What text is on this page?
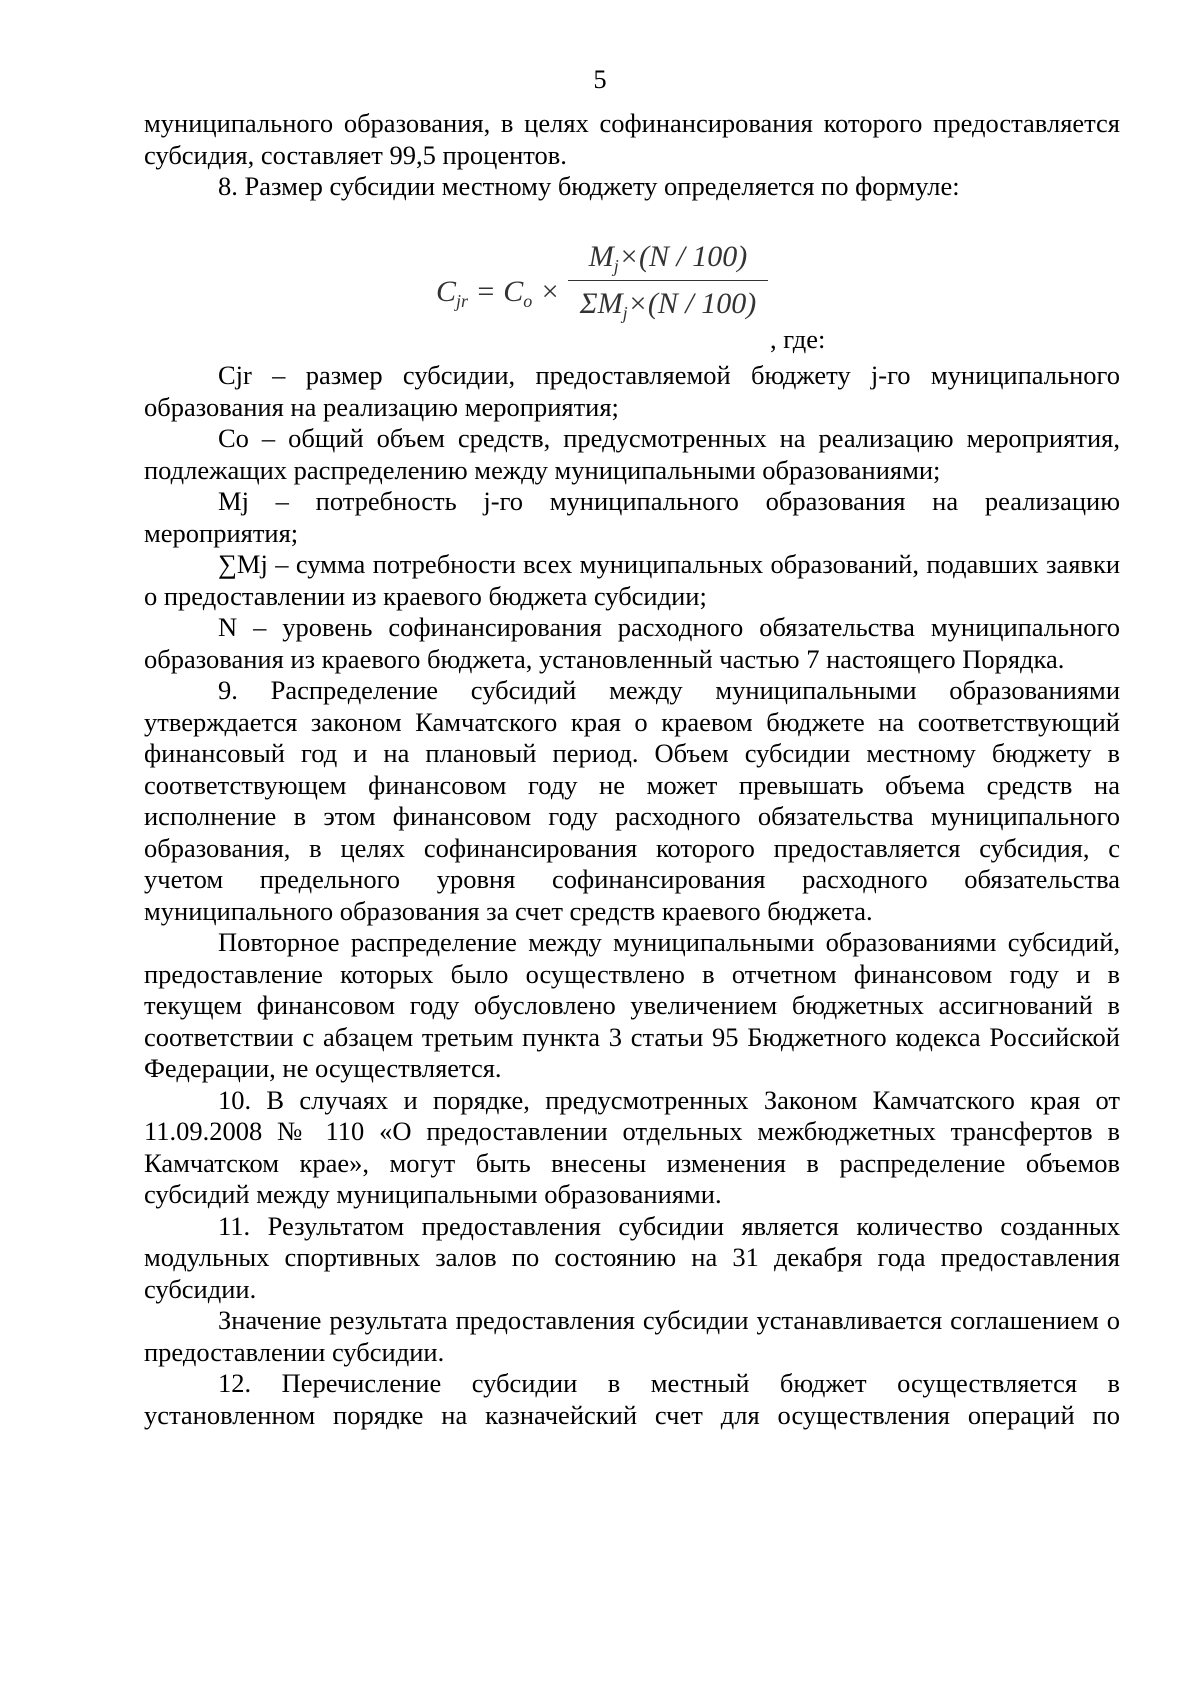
5

муниципального образования, в целях софинансирования которого предоставляется субсидия, составляет 99,5 процентов.

8. Размер субсидии местному бюджету определяется по формуле:

$C_{jr} = C_o$ ×
$M_j\times(N / 100)$
$\Sigma M_j\times(N / 100)$
, где:

Cjr – размер субсидии, предоставляемой бюджету j-го муниципального образования на реализацию мероприятия;

Co – общий объем средств, предусмотренных на реализацию мероприятия, подлежащих распределению между муниципальными образованиями;

Mj – потребность j-го муниципального образования на реализацию мероприятия;

∑Mj – сумма потребности всех муниципальных образований, подавших заявки о предоставлении из краевого бюджета субсидии;

N – уровень софинансирования расходного обязательства муниципального образования из краевого бюджета, установленный частью 7 настоящего Порядка.

9. Распределение субсидий между муниципальными образованиями утверждается законом Камчатского края о краевом бюджете на соответствующий финансовый год и на плановый период. Объем субсидии местному бюджету в соответствующем финансовом году не может превышать объема средств на исполнение в этом финансовом году расходного обязательства муниципального образования, в целях софинансирования которого предоставляется субсидия, с учетом предельного уровня софинансирования расходного обязательства муниципального образования за счет средств краевого бюджета.

Повторное распределение между муниципальными образованиями субсидий, предоставление которых было осуществлено в отчетном финансовом году и в текущем финансовом году обусловлено увеличением бюджетных ассигнований в соответствии с абзацем третьим пункта 3 статьи 95 Бюджетного кодекса Российской Федерации, не осуществляется.

10. В случаях и порядке, предусмотренных Законом Камчатского края от 11.09.2008 № 110 «О предоставлении отдельных межбюджетных трансфертов в Камчатском крае», могут быть внесены изменения в распределение объемов субсидий между муниципальными образованиями.

11. Результатом предоставления субсидии является количество созданных модульных спортивных залов по состоянию на 31 декабря года предоставления субсидии.

Значение результата предоставления субсидии устанавливается соглашением о предоставлении субсидии.

12. Перечисление субсидии в местный бюджет осуществляется в установленном порядке на казначейский счет для осуществления операций по
